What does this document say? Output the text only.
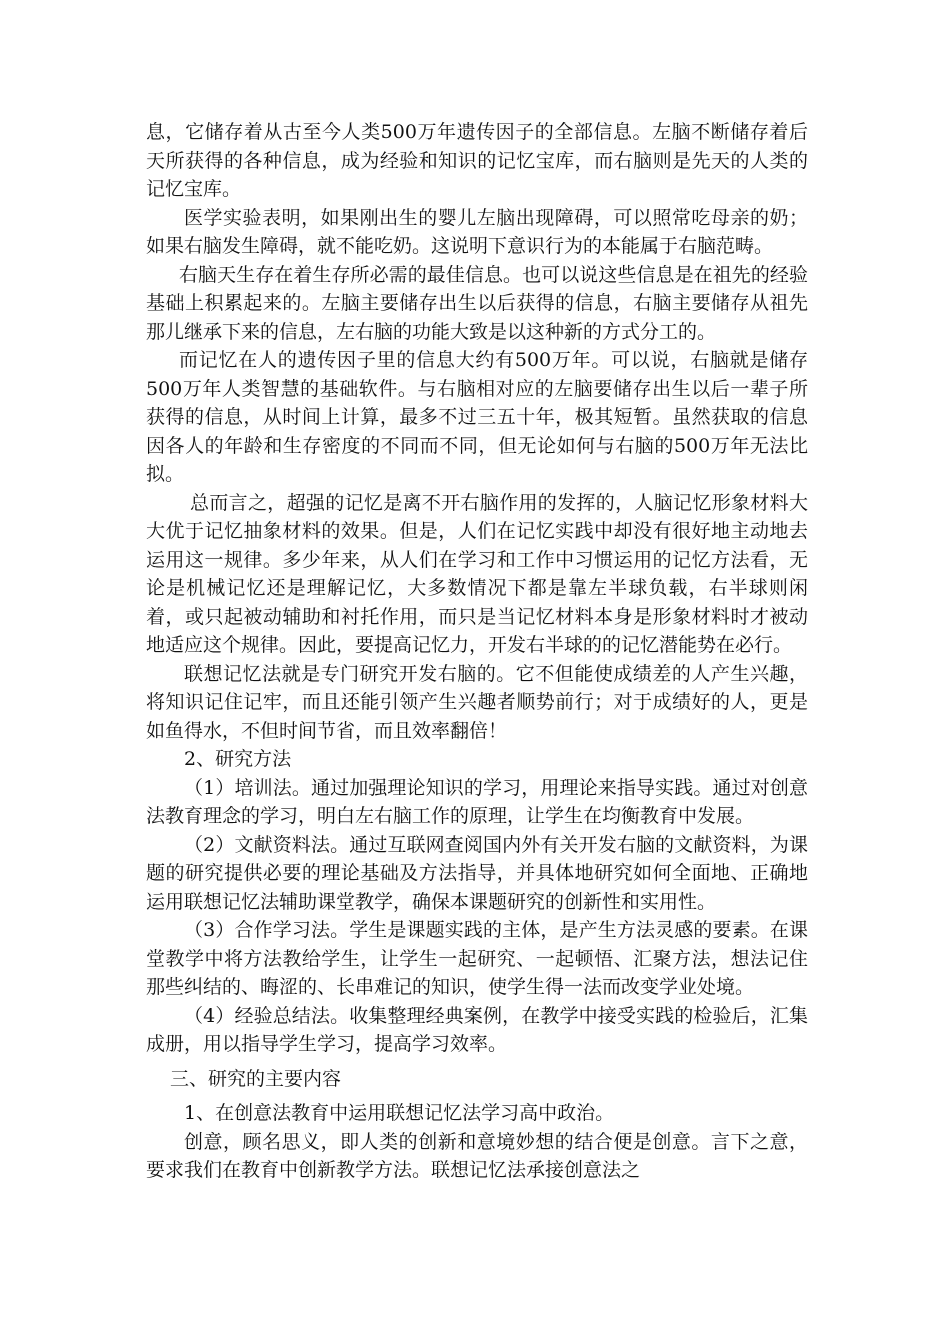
息，它储存着从古至今人类500万年遗传因子的全部信息。左脑不断储存着后天所获得的各种信息，成为经验和知识的记忆宝库，而右脑则是先天的人类的记忆宝库。

医学实验表明，如果刚出生的婴儿左脑出现障碍，可以照常吃母亲的奶；如果右脑发生障碍，就不能吃奶。这说明下意识行为的本能属于右脑范畴。

右脑天生存在着生存所必需的最佳信息。也可以说这些信息是在祖先的经验基础上积累起来的。左脑主要储存出生以后获得的信息，右脑主要储存从祖先那儿继承下来的信息，左右脑的功能大致是以这种新的方式分工的。

而记忆在人的遗传因子里的信息大约有500万年。可以说，右脑就是储存500万年人类智慧的基础软件。与右脑相对应的左脑要储存出生以后一辈子所获得的信息，从时间上计算，最多不过三五十年，极其短暂。虽然获取的信息因各人的年龄和生存密度的不同而不同，但无论如何与右脑的500万年无法比拟。

总而言之，超强的记忆是离不开右脑作用的发挥的，人脑记忆形象材料大大优于记忆抽象材料的效果。但是，人们在记忆实践中却没有很好地主动地去运用这一规律。多少年来，从人们在学习和工作中习惯运用的记忆方法看，无论是机械记忆还是理解记忆，大多数情况下都是靠左半球负载，右半球则闲着，或只起被动辅助和衬托作用，而只是当记忆材料本身是形象材料时才被动地适应这个规律。因此，要提高记忆力，开发右半球的的记忆潜能势在必行。

联想记忆法就是专门研究开发右脑的。它不但能使成绩差的人产生兴趣，将知识记住记牢，而且还能引领产生兴趣者顺势前行；对于成绩好的人，更是如鱼得水，不但时间节省，而且效率翻倍！

2、研究方法

（1）培训法。通过加强理论知识的学习，用理论来指导实践。通过对创意法教育理念的学习，明白左右脑工作的原理，让学生在均衡教育中发展。

（2）文献资料法。通过互联网查阅国内外有关开发右脑的文献资料，为课题的研究提供必要的理论基础及方法指导，并具体地研究如何全面地、正确地运用联想记忆法辅助课堂教学，确保本课题研究的创新性和实用性。

（3）合作学习法。学生是课题实践的主体，是产生方法灵感的要素。在课堂教学中将方法教给学生，让学生一起研究、一起顿悟、汇聚方法，想法记住那些纠结的、晦涩的、长串难记的知识，使学生得一法而改变学业处境。

（4）经验总结法。收集整理经典案例，在教学中接受实践的检验后，汇集成册，用以指导学生学习，提高学习效率。

三、研究的主要内容

1、在创意法教育中运用联想记忆法学习高中政治。

创意，顾名思义，即人类的创新和意境妙想的结合便是创意。言下之意，要求我们在教育中创新教学方法。联想记忆法承接创意法之
